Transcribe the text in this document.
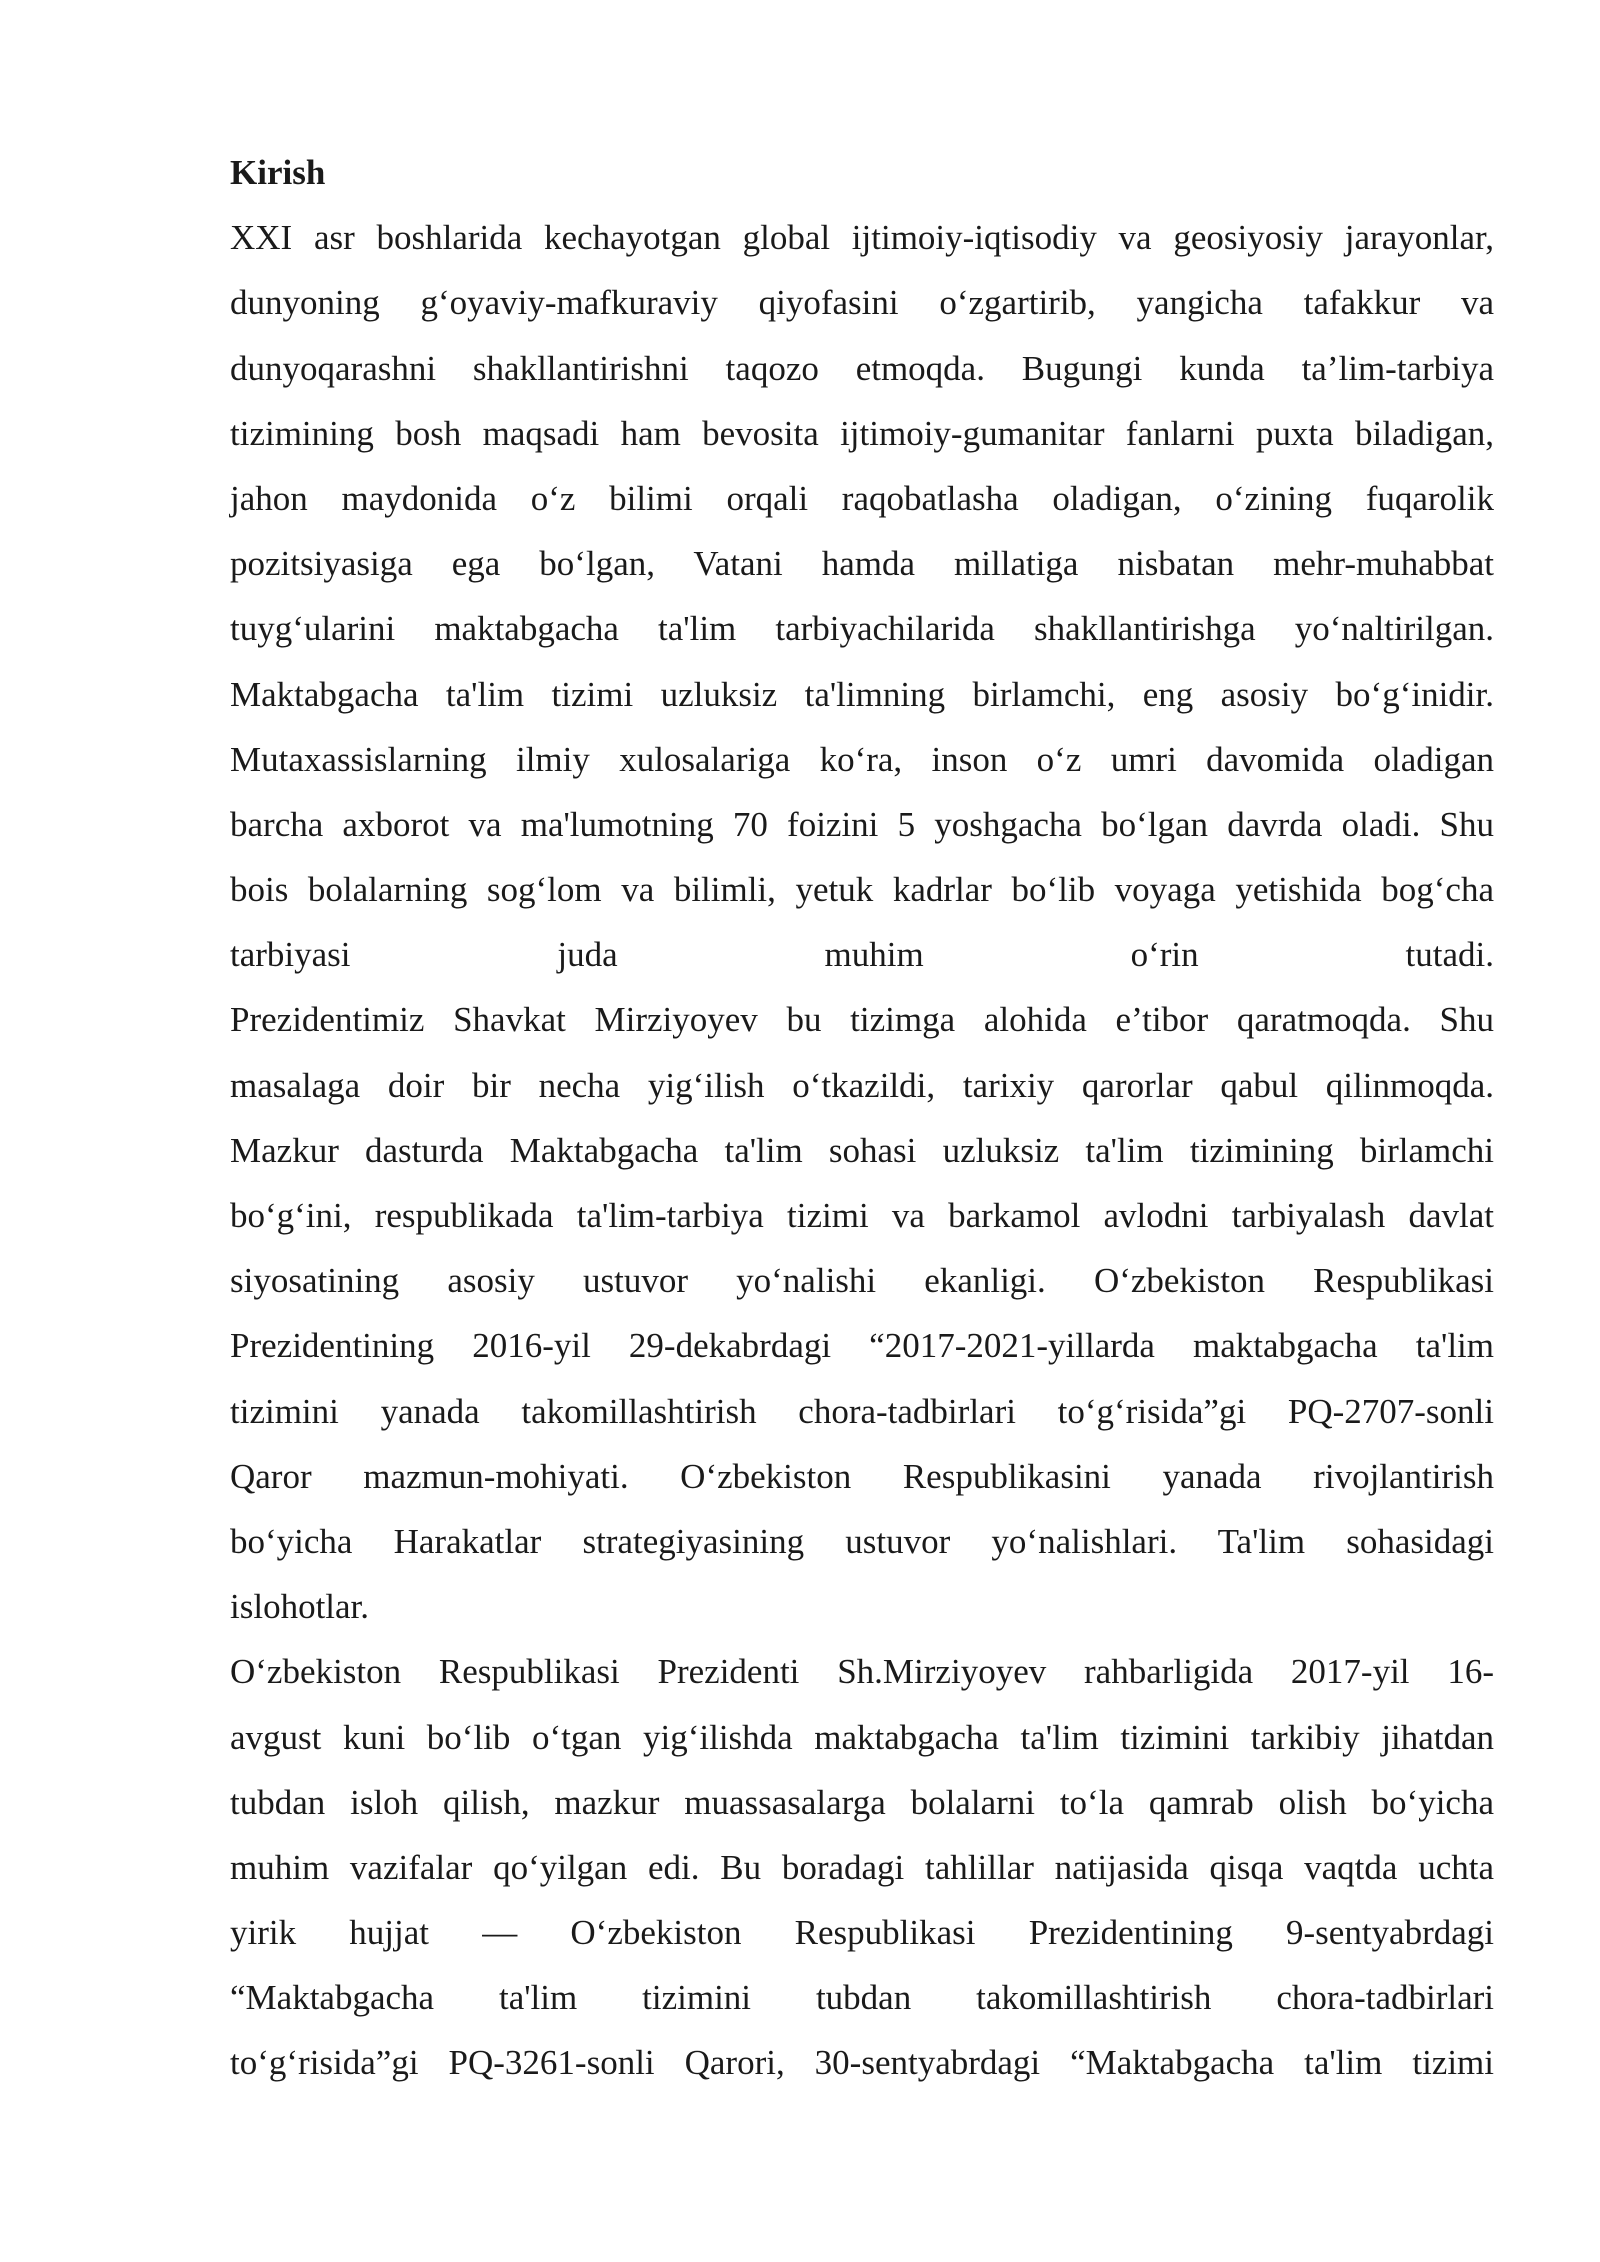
Kirish
XXI asr boshlarida kechayotgan global ijtimoiy-iqtisodiy va geosiyosiy jarayonlar,
dunyoning g‘oyaviy-mafkuraviy qiyofasini o‘zgartirib, yangicha tafakkur va
dunyoqarashni shakllantirishni taqozo etmoqda. Bugungi kunda ta’lim-tarbiya
tizimining bosh maqsadi ham bevosita ijtimoiy-gumanitar fanlarni puxta biladigan,
jahon maydonida o‘z bilimi orqali raqobatlasha oladigan, o‘zining fuqarolik
pozitsiyasiga ega bo‘lgan, Vatani hamda millatiga nisbatan mehr-muhabbat
tuyg‘ularini maktabgacha ta'lim tarbiyachilarida shakllantirishga yo‘naltirilgan.
Maktabgacha ta'lim tizimi uzluksiz ta'limning birlamchi, eng asosiy bo‘g‘inidir.
Mutaxassislarning ilmiy xulosalariga ko‘ra, inson o‘z umri davomida oladigan
barcha axborot va ma'lumotning 70 foizini 5 yoshgacha bo‘lgan davrda oladi. Shu
bois bolalarning sog‘lom va bilimli, yetuk kadrlar bo‘lib voyaga yetishida bog‘cha
tarbiyasi juda muhim o‘rin tutadi.
Prezidentimiz Shavkat Mirziyoyev bu tizimga alohida e’tibor qaratmoqda. Shu
masalaga doir bir necha yig‘ilish o‘tkazildi, tarixiy qarorlar qabul qilinmoqda.
Mazkur dasturda Maktabgacha ta'lim sohasi uzluksiz ta'lim tizimining birlamchi
bo‘g‘ini, respublikada ta'lim-tarbiya tizimi va barkamol avlodni tarbiyalash davlat
siyosatining asosiy ustuvor yo‘nalishi ekanligi. O‘zbekiston Respublikasi
Prezidentining 2016-yil 29-dekabrdagi “2017-2021-yillarda maktabgacha ta'lim
tizimini yanada takomillashtirish chora-tadbirlari to‘g‘risida”gi PQ-2707-sonli
Qaror mazmun-mohiyati. O‘zbekiston Respublikasini yanada rivojlantirish
bo‘yicha Harakatlar strategiyasining ustuvor yo‘nalishlari. Ta'lim sohasidagi
islohotlar.
O‘zbekiston Respublikasi Prezidenti Sh.Mirziyoyev rahbarligida 2017-yil 16-
avgust kuni bo‘lib o‘tgan yig‘ilishda maktabgacha ta'lim tizimini tarkibiy jihatdan
tubdan isloh qilish, mazkur muassasalarga bolalarni to‘la qamrab olish bo‘yicha
muhim vazifalar qo‘yilgan edi. Bu boradagi tahlillar natijasida qisqa vaqtda uchta
yirik hujjat — O‘zbekiston Respublikasi Prezidentining 9-sentyabrdagi
“Maktabgacha ta'lim tizimini tubdan takomillashtirish chora-tadbirlari
to‘g‘risida”gi PQ-3261-sonli Qarori, 30-sentyabrdagi “Maktabgacha ta'lim tizimi
